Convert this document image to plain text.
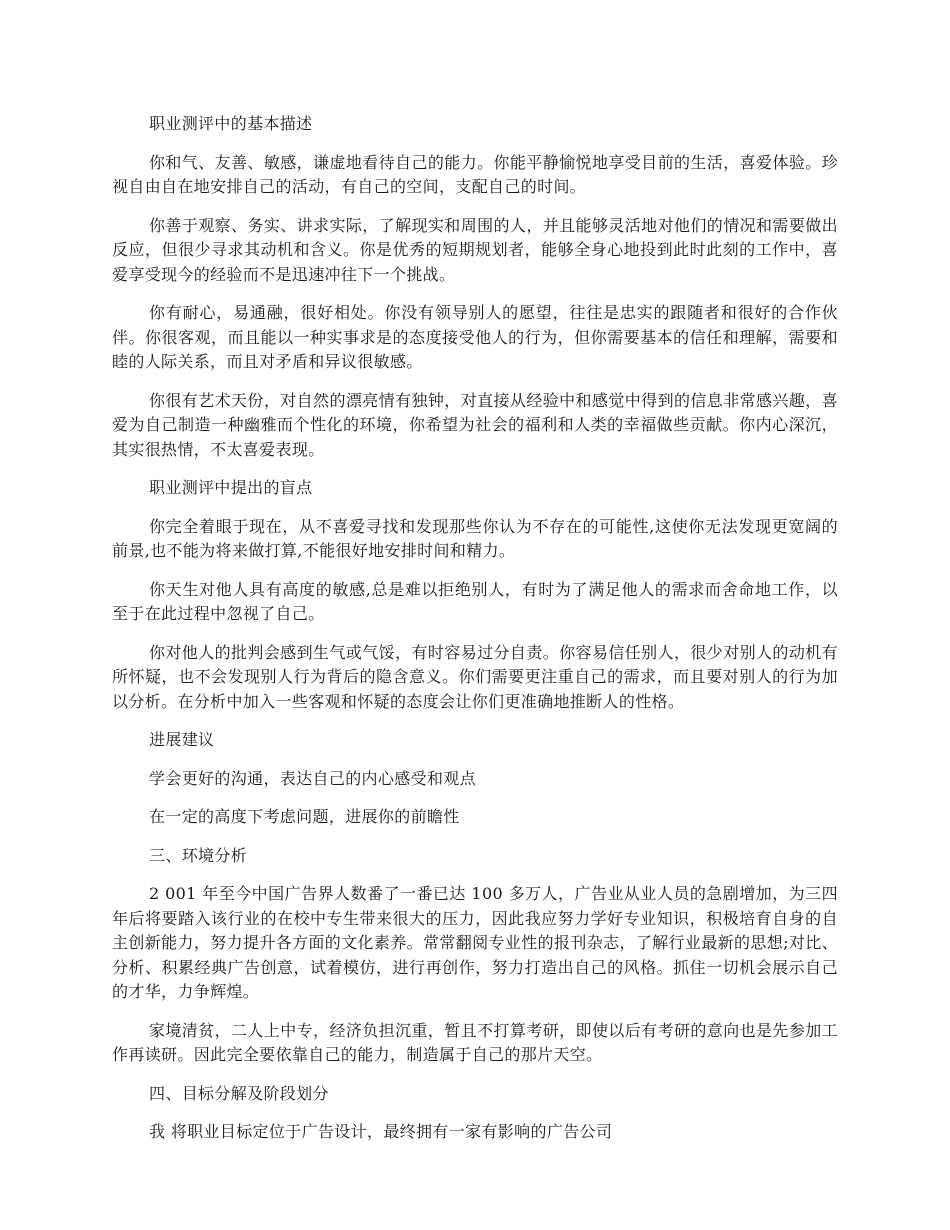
职业测评中的基本描述

你和气、友善、敏感，谦虚地看待自己的能力。你能平静愉悦地享受目前的生活，喜爱体验。珍视自由自在地安排自己的活动，有自己的空间，支配自己的时间。

你善于观察、务实、讲求实际，了解现实和周围的人，并且能够灵活地对他们的情况和需要做出反应，但很少寻求其动机和含义。你是优秀的短期规划者，能够全身心地投到此时此刻的工作中，喜爱享受现今的经验而不是迅速冲往下一个挑战。

你有耐心，易通融，很好相处。你没有领导别人的愿望，往往是忠实的跟随者和很好的合作伙伴。你很客观，而且能以一种实事求是的态度接受他人的行为，但你需要基本的信任和理解，需要和睦的人际关系，而且对矛盾和异议很敏感。

你很有艺术天份，对自然的漂亮情有独钟，对直接从经验中和感觉中得到的信息非常感兴趣，喜爱为自己制造一种幽雅而个性化的环境，你希望为社会的福利和人类的幸福做些贡献。你内心深沉，其实很热情，不太喜爱表现。

职业测评中提出的盲点

你完全着眼于现在，从不喜爱寻找和发现那些你认为不存在的可能性,这使你无法发现更宽阔的前景,也不能为将来做打算,不能很好地安排时间和精力。

你天生对他人具有高度的敏感,总是难以拒绝别人，有时为了满足他人的需求而舍命地工作，以至于在此过程中忽视了自己。

你对他人的批判会感到生气或气馁，有时容易过分自责。你容易信任别人，很少对别人的动机有所怀疑，也不会发现别人行为背后的隐含意义。你们需要更注重自己的需求，而且要对别人的行为加以分析。在分析中加入一些客观和怀疑的态度会让你们更准确地推断人的性格。

进展建议

学会更好的沟通，表达自己的内心感受和观点

在一定的高度下考虑问题，进展你的前瞻性

三、环境分析

2 001 年至今中国广告界人数番了一番已达 100 多万人，广告业从业人员的急剧增加，为三四年后将要踏入该行业的在校中专生带来很大的压力，因此我应努力学好专业知识，积极培育自身的自主创新能力，努力提升各方面的文化素养。常常翻阅专业性的报刊杂志，了解行业最新的思想;对比、分析、积累经典广告创意，试着模仿，进行再创作，努力打造出自己的风格。抓住一切机会展示自己的才华，力争辉煌。

家境清贫，二人上中专，经济负担沉重，暂且不打算考研，即使以后有考研的意向也是先参加工作再读研。因此完全要依靠自己的能力，制造属于自己的那片天空。

四、目标分解及阶段划分

我 将职业目标定位于广告设计，最终拥有一家有影响的广告公司
